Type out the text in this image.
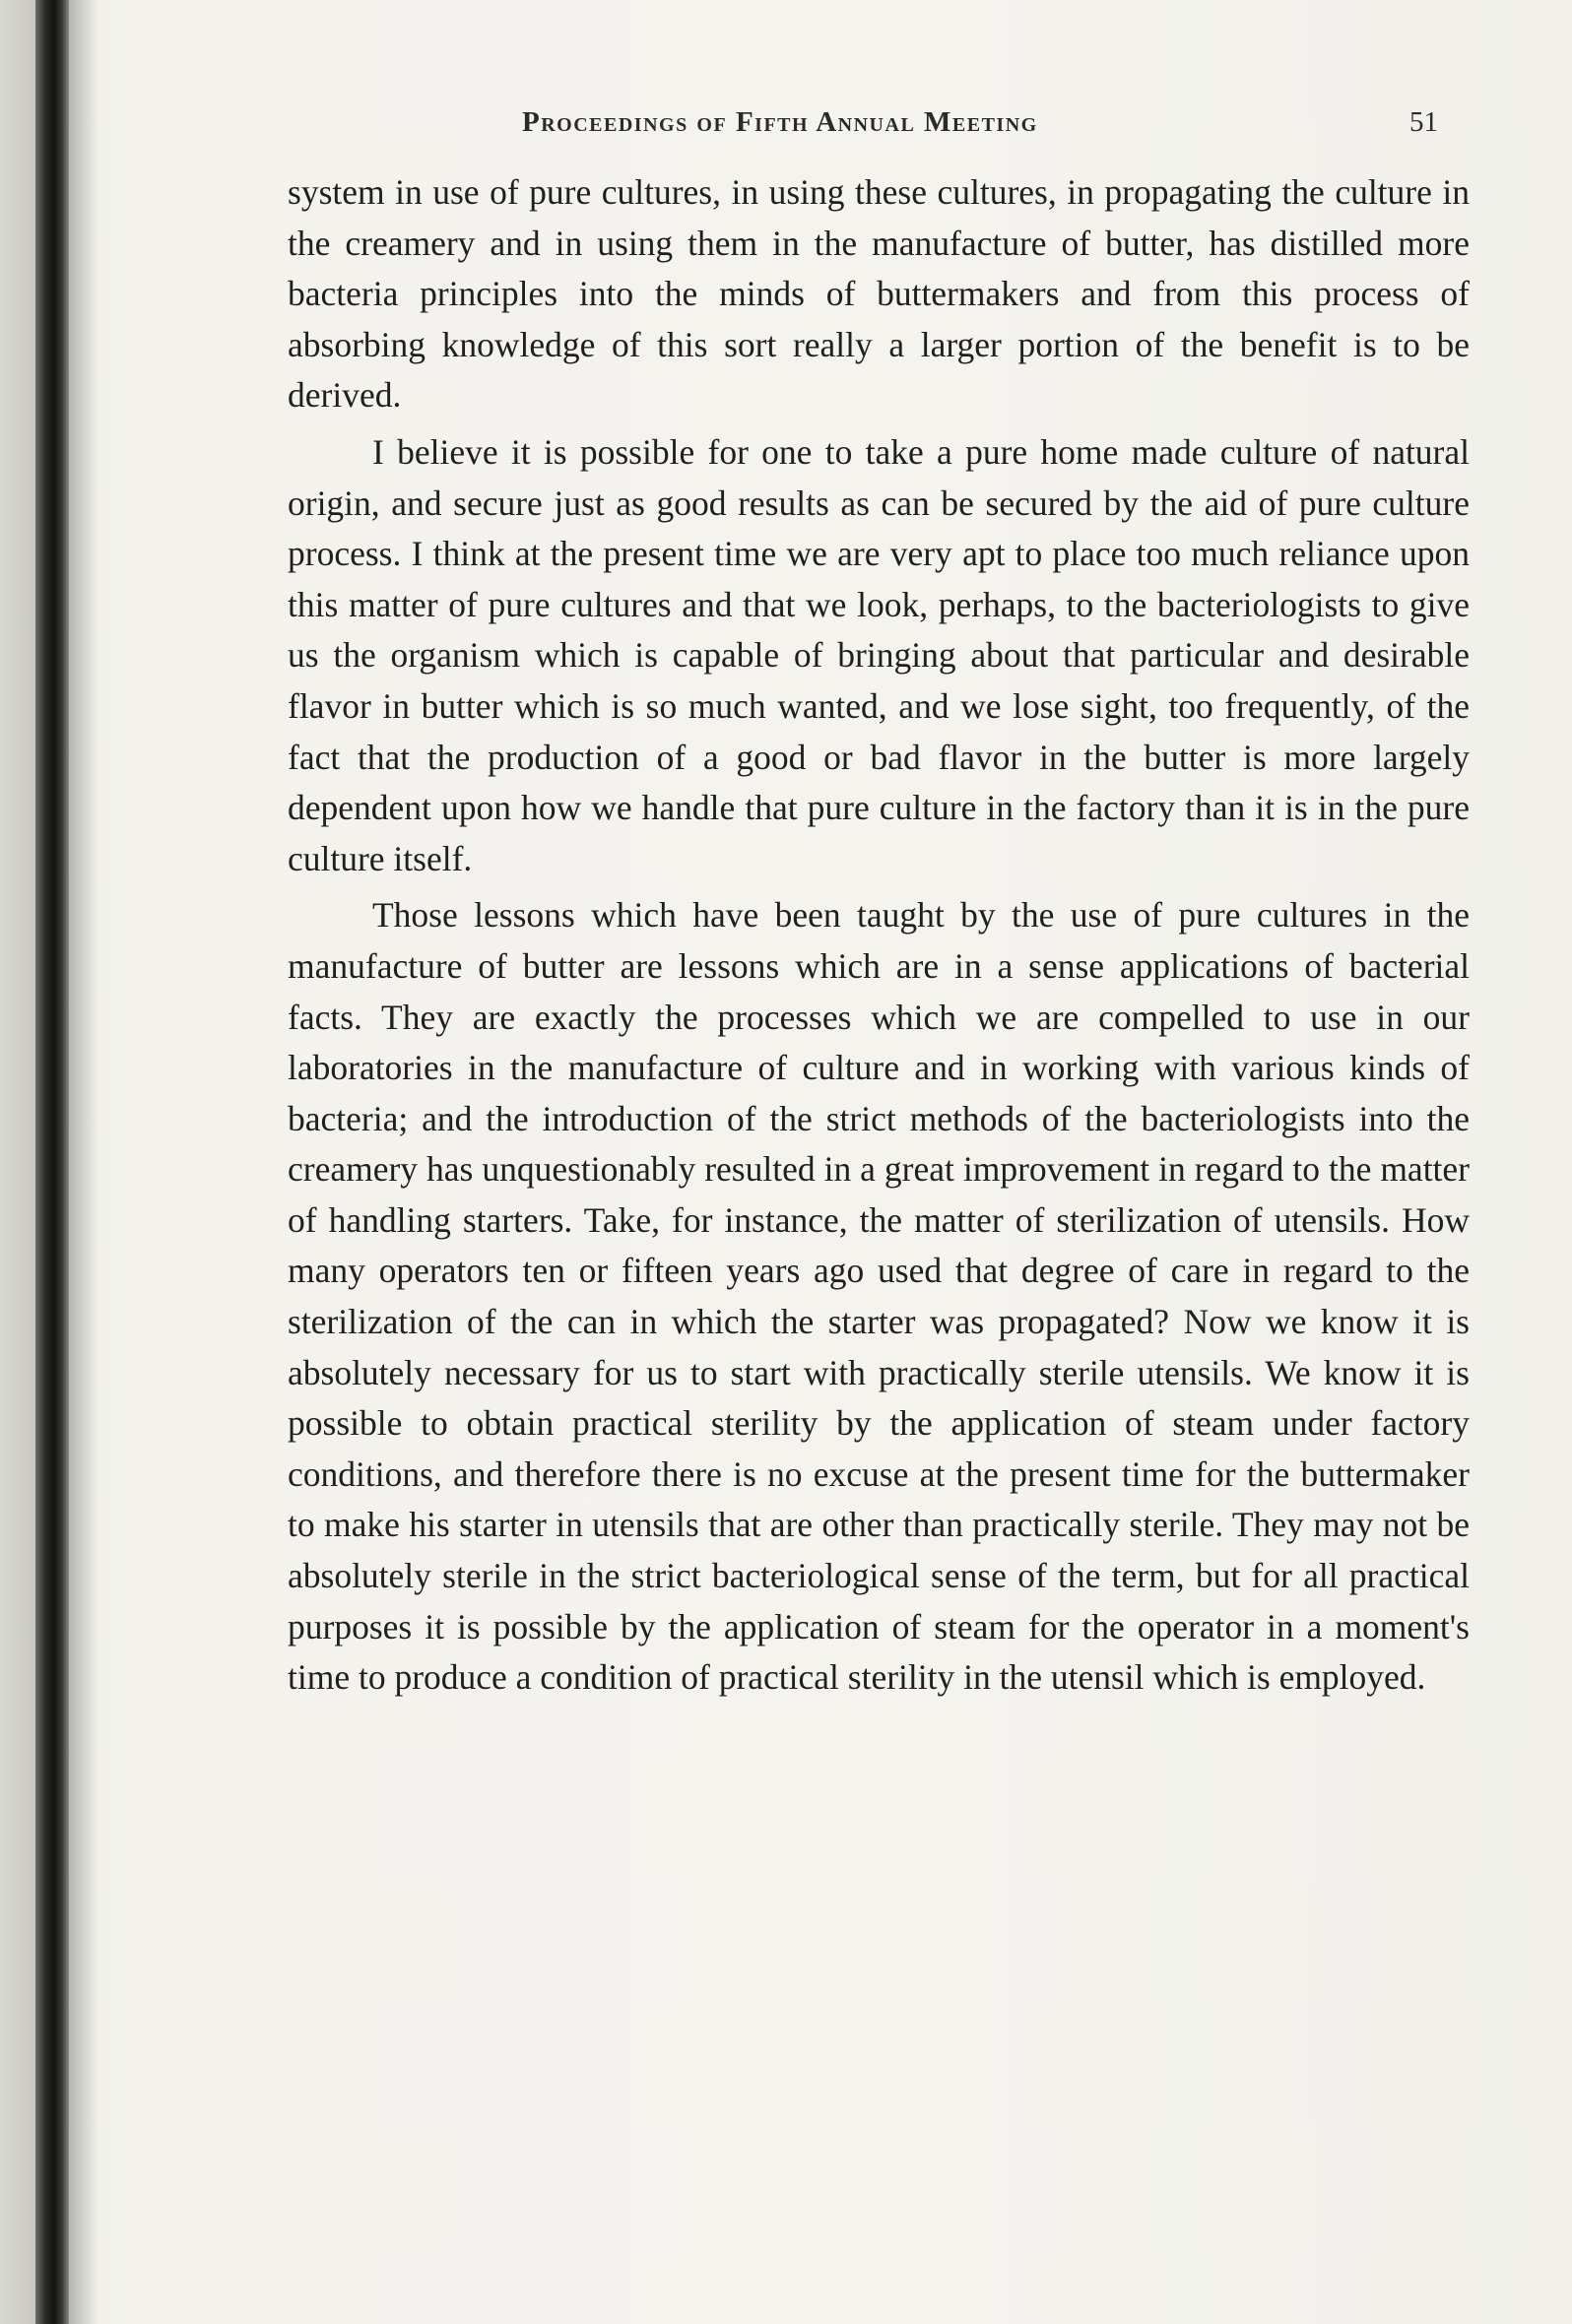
Proceedings of Fifth Annual Meeting	51

system in use of pure cultures, in using these cultures, in propagating the culture in the creamery and in using them in the manufacture of butter, has distilled more bacteria principles into the minds of buttermakers and from this process of absorbing knowledge of this sort really a larger portion of the benefit is to be derived.

I believe it is possible for one to take a pure home made culture of natural origin, and secure just as good results as can be secured by the aid of pure culture process. I think at the present time we are very apt to place too much reliance upon this matter of pure cultures and that we look, perhaps, to the bacteriologists to give us the organism which is capable of bringing about that particular and desirable flavor in butter which is so much wanted, and we lose sight, too frequently, of the fact that the production of a good or bad flavor in the butter is more largely dependent upon how we handle that pure culture in the factory than it is in the pure culture itself.

Those lessons which have been taught by the use of pure cultures in the manufacture of butter are lessons which are in a sense applications of bacterial facts. They are exactly the processes which we are compelled to use in our laboratories in the manufacture of culture and in working with various kinds of bacteria; and the introduction of the strict methods of the bacteriologists into the creamery has unquestionably resulted in a great improvement in regard to the matter of handling starters. Take, for instance, the matter of sterilization of utensils. How many operators ten or fifteen years ago used that degree of care in regard to the sterilization of the can in which the starter was propagated? Now we know it is absolutely necessary for us to start with practically sterile utensils. We know it is possible to obtain practical sterility by the application of steam under factory conditions, and therefore there is no excuse at the present time for the buttermaker to make his starter in utensils that are other than practically sterile. They may not be absolutely sterile in the strict bacteriological sense of the term, but for all practical purposes it is possible by the application of steam for the operator in a moment's time to produce a condition of practical sterility in the utensil which is employed.
